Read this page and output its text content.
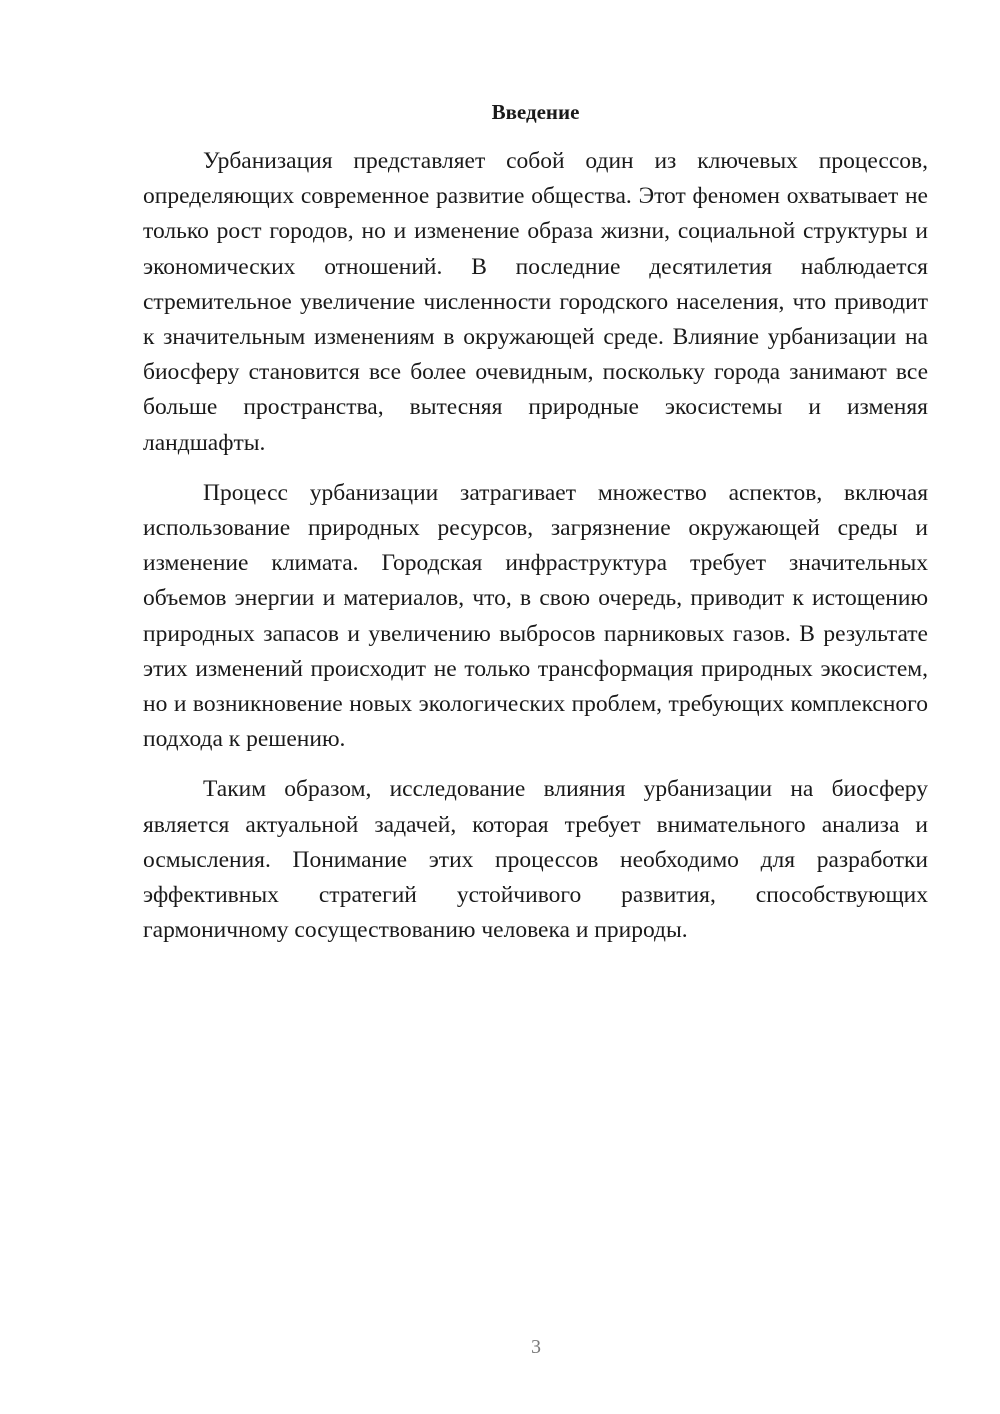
Введение

Урбанизация представляет собой один из ключевых процессов, определяющих современное развитие общества. Этот феномен охватывает не только рост городов, но и изменение образа жизни, социальной структуры и экономических отношений. В последние десятилетия наблюдается стремительное увеличение численности городского населения, что приводит к значительным изменениям в окружающей среде. Влияние урбанизации на биосферу становится все более очевидным, поскольку города занимают все больше пространства, вытесняя природные экосистемы и изменяя ландшафты.

Процесс урбанизации затрагивает множество аспектов, включая использование природных ресурсов, загрязнение окружающей среды и изменение климата. Городская инфраструктура требует значительных объемов энергии и материалов, что, в свою очередь, приводит к истощению природных запасов и увеличению выбросов парниковых газов. В результате этих изменений происходит не только трансформация природных экосистем, но и возникновение новых экологических проблем, требующих комплексного подхода к решению.

Таким образом, исследование влияния урбанизации на биосферу является актуальной задачей, которая требует внимательного анализа и осмысления. Понимание этих процессов необходимо для разработки эффективных стратегий устойчивого развития, способствующих гармоничному сосуществованию человека и природы.

3
